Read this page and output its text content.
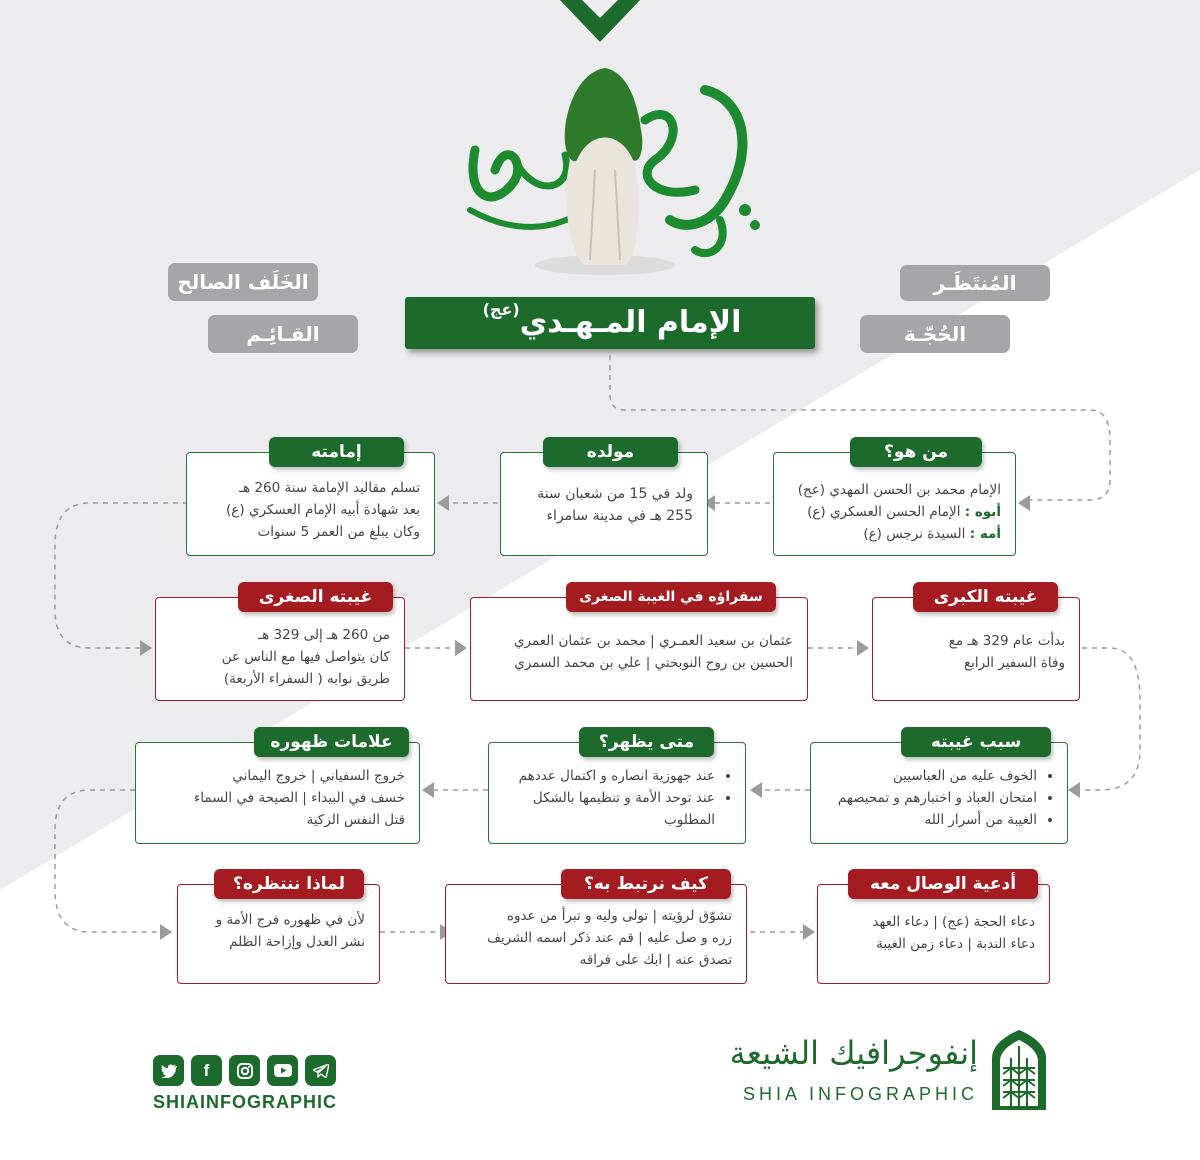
الإمام المـهـدي$^{(عج)}$
المُنتَظَـر
الحُجّـة
الخَلَف الصالح
القـائِـم
من هو؟

الإمام محمد بن الحسن المهدي (عج)

أبوه : الإمام الحسن العسكري (ع)

أمه : السيدة نرجس (ع)

مولده

ولد في 15 من شعبان سنة

255 هـ في مدينة سامراء

إمامته

تسلم مقاليد الإمامة سنة 260 هـ

بعد شهادة أبيه الإمام العسكري (ع)

وكان يبلغ من العمر 5 سنوات

غيبته الكبرى

بدأت عام 329 هـ مع

وفاة السفير الرابع

سفراؤه في الغيبة الصغرى

عثمان بن سعيد العمـري | محمد بن عثمان العمري

الحسين بن روح النوبختي | علي بن محمد السمري

غيبته الصغرى

من 260 هـ إلى 329 هـ

كان يتواصل فيها مع الناس عن

طريق نوابه ( السفراء الأربعة)

سبب غيبته
• الخوف عليه من العباسيين
• امتحان العباد و اختبارهم و تمحيصهم
• الغيبة من أسرار الله
متى يظهر؟
• عند جهوزية انصاره و اكتمال عددهم
• عند توحد الأمة و تنظيمها بالشكل المطلوب
علامات ظهوره

خروج السفياني | خروج اليماني

خسف في البيداء | الصيحة في السماء

قتل النفس الزكية

أدعية الوصال معه

دعاء الحجة (عج) | دعاء العهد

دعاء الندبة | دعاء زمن الغيبة

كيف نرتبط به؟

تشوّق لرؤيته | تولى وليه و تبرأ من عدوه

زره و صل عليه | قم عند ذكر اسمه الشريف

تصدق عنه | ابك على فراقه

لماذا ننتظره؟

لأن في ظهوره فرج الأمة و

نشر العدل وإزاحة الظلم

f
SHIAINFOGRAPHIC
إنفوجرافيك الشيعة
SHIA INFOGRAPHIC
